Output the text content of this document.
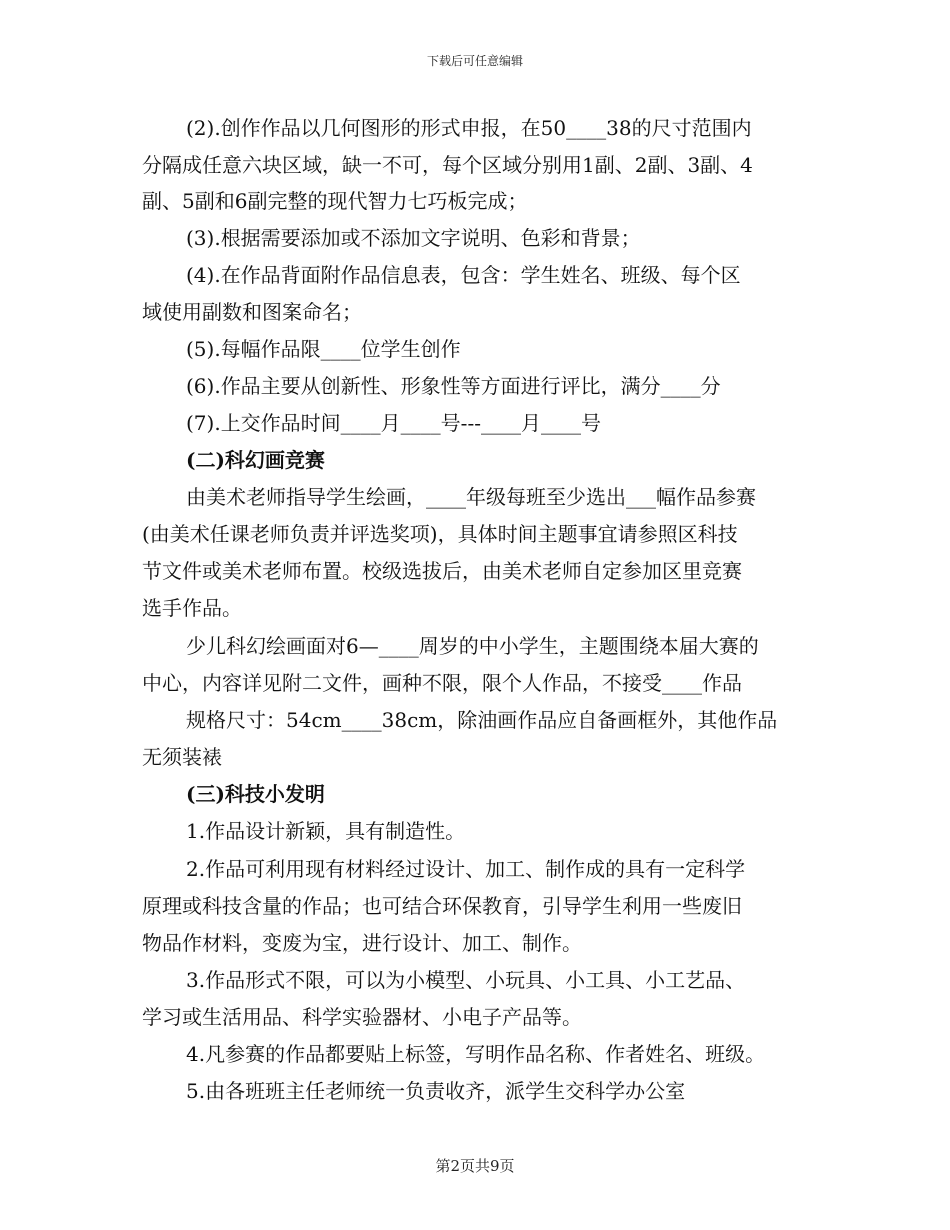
下载后可任意编辑
(2).创作作品以几何图形的形式申报，在50____38的尺寸范围内
分隔成任意六块区域，缺一不可，每个区域分别用1副、2副、3副、4
副、5副和6副完整的现代智力七巧板完成；
(3).根据需要添加或不添加文字说明、色彩和背景；
(4).在作品背面附作品信息表，包含：学生姓名、班级、每个区
域使用副数和图案命名；
(5).每幅作品限____位学生创作
(6).作品主要从创新性、形象性等方面进行评比，满分____分
(7).上交作品时间____月____号---____月____号
(二)科幻画竞赛
由美术老师指导学生绘画，____年级每班至少选出___幅作品参赛
(由美术任课老师负责并评选奖项)，具体时间主题事宜请参照区科技
节文件或美术老师布置。校级选拔后，由美术老师自定参加区里竞赛
选手作品。
少儿科幻绘画面对6—____周岁的中小学生，主题围绕本届大赛的
中心，内容详见附二文件，画种不限，限个人作品，不接受____作品
规格尺寸：54cm____38cm，除油画作品应自备画框外，其他作品
无须装裱
(三)科技小发明
1.作品设计新颖，具有制造性。
2.作品可利用现有材料经过设计、加工、制作成的具有一定科学
原理或科技含量的作品；也可结合环保教育，引导学生利用一些废旧
物品作材料，变废为宝，进行设计、加工、制作。
3.作品形式不限，可以为小模型、小玩具、小工具、小工艺品、
学习或生活用品、科学实验器材、小电子产品等。
4.凡参赛的作品都要贴上标签，写明作品名称、作者姓名、班级。
5.由各班班主任老师统一负责收齐，派学生交科学办公室
第2页共9页
